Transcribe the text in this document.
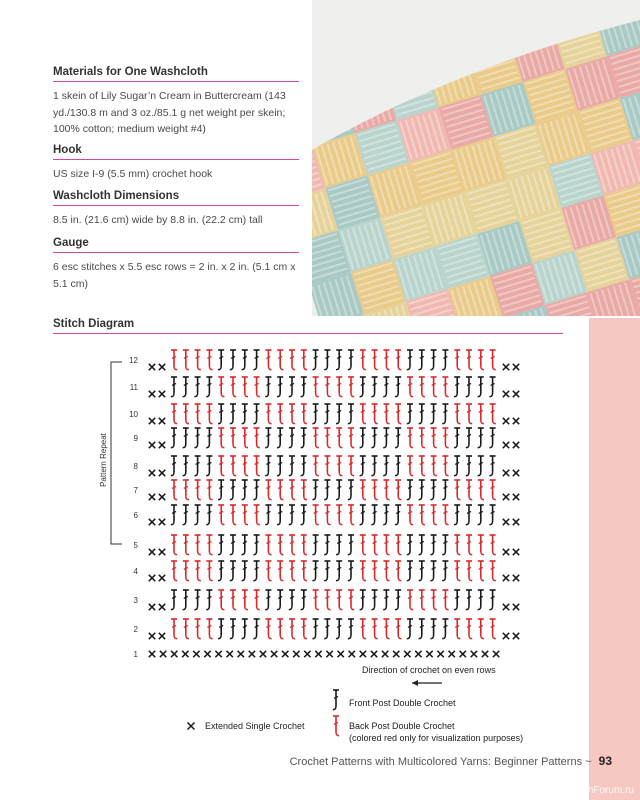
Materials for One Washcloth
1 skein of Lily Sugar’n Cream in Buttercream (143 yd./130.8 m and 3 oz./85.1 g net weight per skein; 100% cotton; medium weight #4)
Hook
US size I-9 (5.5 mm) crochet hook
Washcloth Dimensions
8.5 in. (21.6 cm) wide by 8.8 in. (22.2 cm) tall
Gauge
6 esc stitches x 5.5 esc rows = 2 in. x 2 in. (5.1 cm x 5.1 cm)
Stitch Diagram
1
2
3
4
5
6
7
8
9
10
11
12
Pattern Repeat
Direction of crochet on even rows
Front Post Double Crochet
Extended Single Crochet	Back Post Double Crochet
(colored red only for visualization purposes)
Crochet Patterns with Multicolored Yarns: Beginner Patterns ~ 93
PassionForum.ru
